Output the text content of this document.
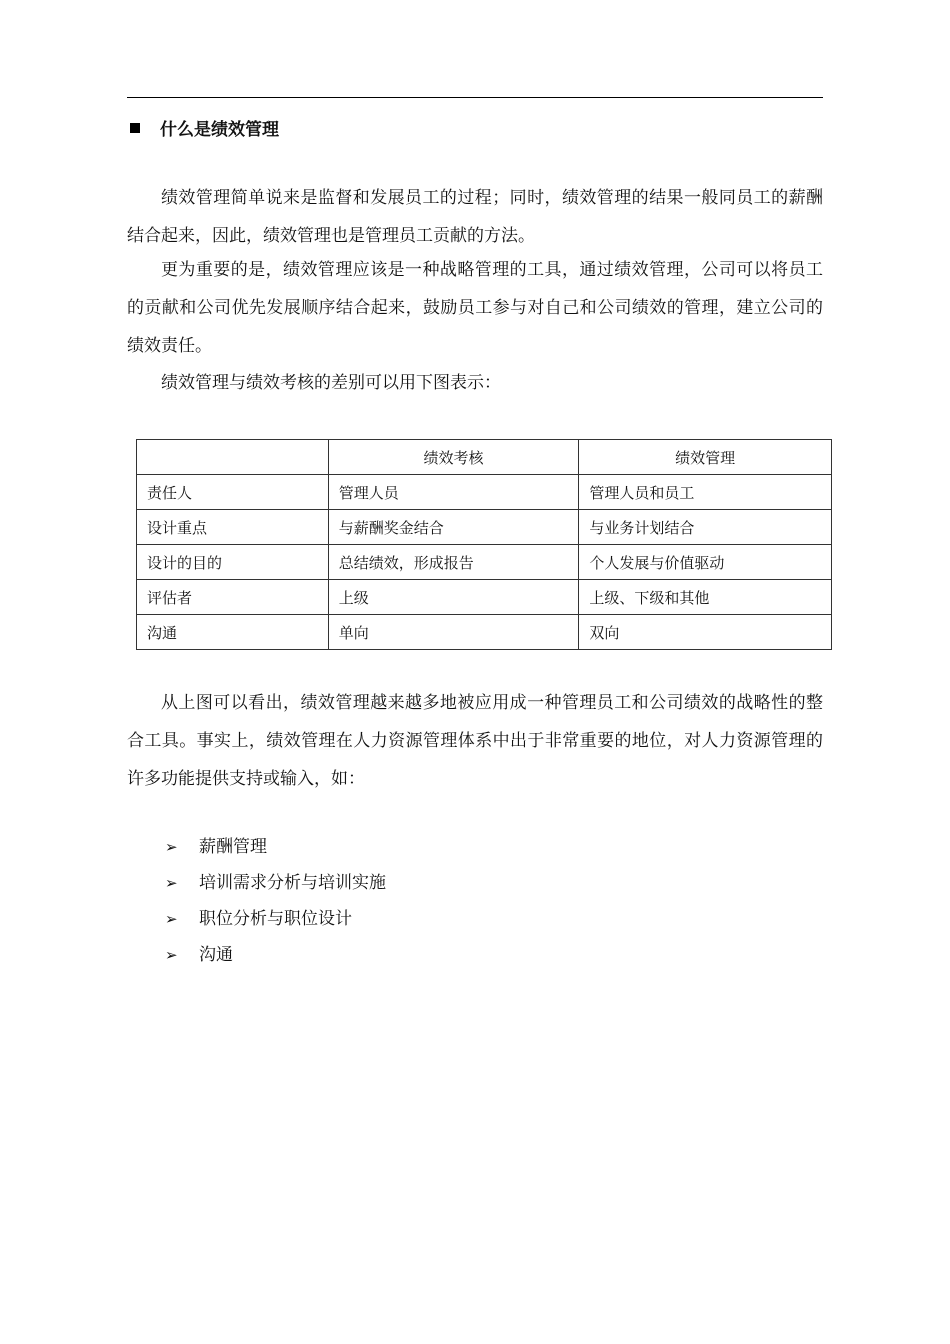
什么是绩效管理

绩效管理简单说来是监督和发展员工的过程；同时，绩效管理的结果一般同员工的薪酬结合起来，因此，绩效管理也是管理员工贡献的方法。

更为重要的是，绩效管理应该是一种战略管理的工具，通过绩效管理，公司可以将员工的贡献和公司优先发展顺序结合起来，鼓励员工参与对自己和公司绩效的管理，建立公司的绩效责任。

绩效管理与绩效考核的差别可以用下图表示：

	绩效考核	绩效管理
责任人	管理人员	管理人员和员工
设计重点	与薪酬奖金结合	与业务计划结合
设计的目的	总结绩效，形成报告	个人发展与价值驱动
评估者	上级	上级、下级和其他
沟通	单向	双向

从上图可以看出，绩效管理越来越多地被应用成一种管理员工和公司绩效的战略性的整合工具。事实上，绩效管理在人力资源管理体系中出于非常重要的地位，对人力资源管理的许多功能提供支持或输入，如：

➢	薪酬管理
➢	培训需求分析与培训实施
➢	职位分析与职位设计
➢	沟通
